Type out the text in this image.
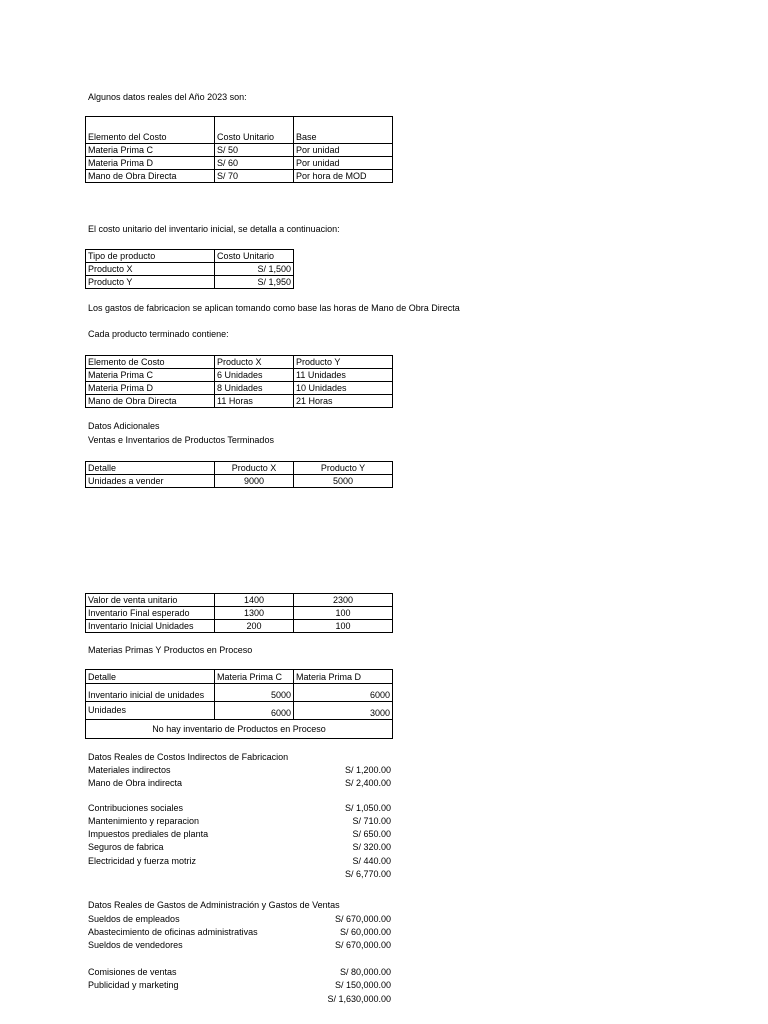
Algunos datos reales del Año 2023 son:
Elemento del Costo	Costo Unitario	Base
Materia Prima C	S/ 50	Por unidad
Materia Prima D	S/ 60	Por unidad
Mano de Obra Directa	S/ 70	Por hora de MOD
El costo unitario del inventario inicial, se detalla a continuacion:
Tipo de producto	Costo Unitario
Producto X	S/ 1,500
Producto Y	S/ 1,950
Los gastos de fabricacion se aplican tomando como base las horas de Mano de Obra Directa
Cada producto terminado contiene:
Elemento de Costo	Producto X	Producto Y
Materia Prima C	6 Unidades	11 Unidades
Materia Prima D	8 Unidades	10 Unidades
Mano de Obra Directa	11 Horas	21 Horas
Datos Adicionales
Ventas e Inventarios de Productos Terminados
Detalle	Producto X	Producto Y
Unidades a vender	9000	5000
Valor de venta unitario	1400	2300
Inventario Final esperado	1300	100
Inventario Inicial Unidades	200	100
Materias Primas Y Productos en Proceso
Detalle	Materia Prima C	Materia Prima D
Inventario inicial de unidades	5000	6000
Unidades	6000	3000
No hay inventario de Productos en Proceso		
Datos Reales de Costos Indirectos de Fabricacion
Materiales indirectos	S/ 1,200.00
Mano de Obra indirecta	S/ 2,400.00
Contribuciones sociales	S/ 1,050.00
Mantenimiento y reparacion	S/ 710.00
Impuestos prediales de planta	S/ 650.00
Seguros de fabrica	S/ 320.00
Electricidad y fuerza motriz	S/ 440.00
S/ 6,770.00
Datos Reales de Gastos de Administración y Gastos de Ventas
Sueldos de empleados	S/ 670,000.00
Abastecimiento de oficinas administrativas	S/ 60,000.00
Sueldos de vendedores	S/ 670,000.00
Comisiones de ventas	S/ 80,000.00
Publicidad y marketing	S/ 150,000.00
S/ 1,630,000.00
